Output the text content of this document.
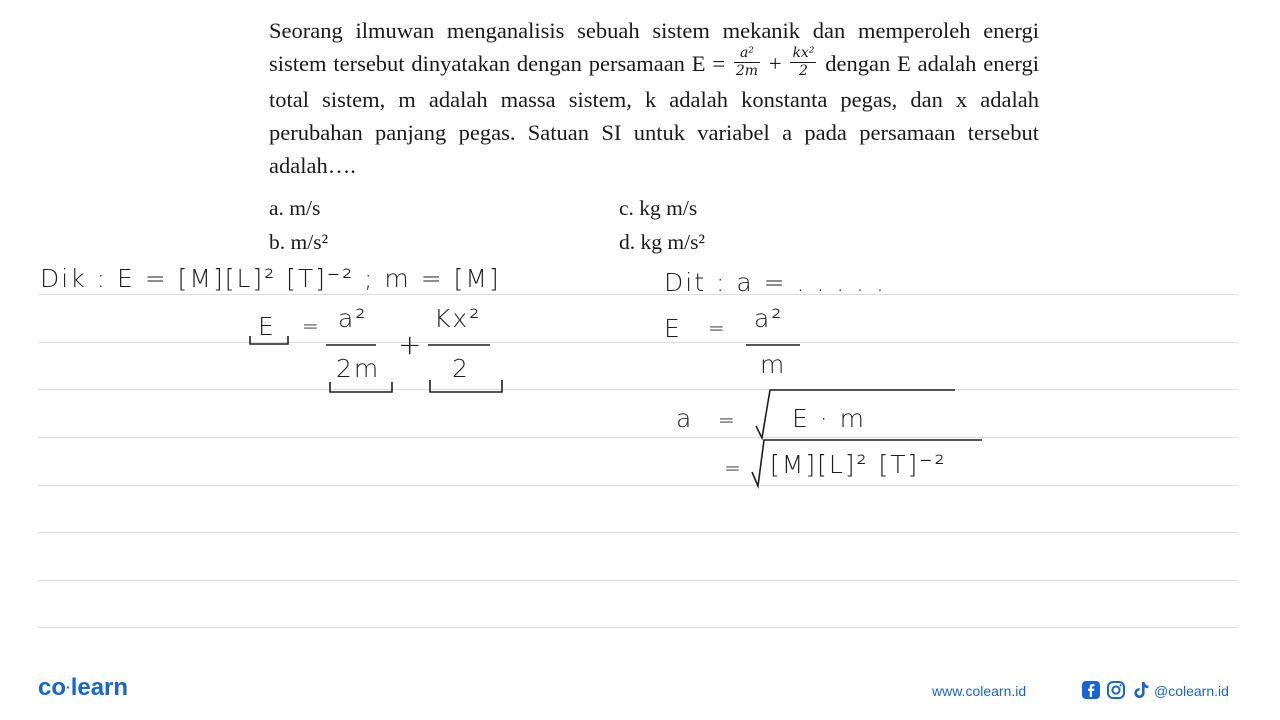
Seorang ilmuwan menganalisis sebuah sistem mekanik dan memperoleh energi sistem tersebut dinyatakan dengan persamaan $E = \frac{\text{a²}}{2m} + \frac{\text{kx²}}{2}$ dengan E adalah energi total sistem, m adalah massa sistem, k adalah konstanta pegas, dan x adalah perubahan panjang pegas. Satuan SI untuk variabel a pada persamaan tersebut adalah….
a. m/s
b. m/s²
c. kg m/s
d. kg m/s²
Dik : E = [M][L]² [T]⁻² ; m = [M]	Dit : a = . . . . .
E = a²
2m
+
Kx²
2
E = a²
m
a = E · m
= [M][L]² [T]⁻²
co·learn	www.colearn.id	@colearn.id
